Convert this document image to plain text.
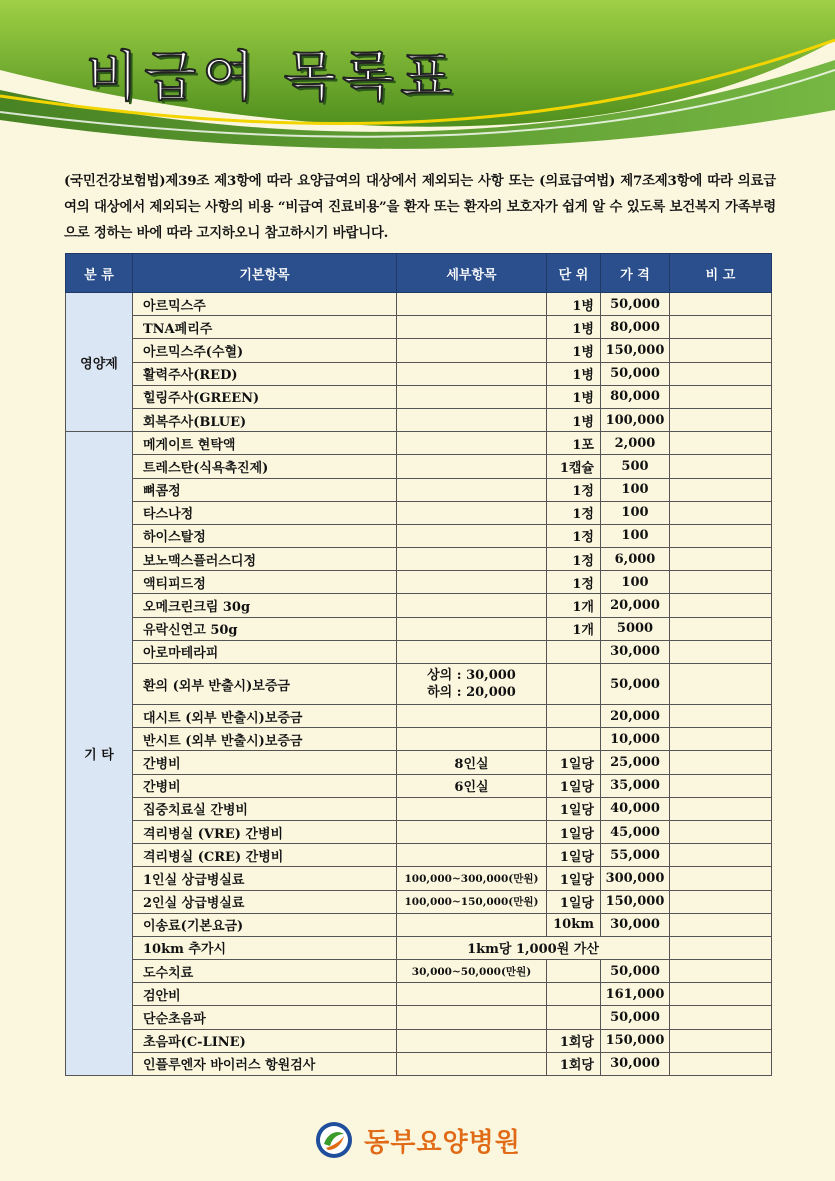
비급여 목록표
(국민건강보험법)제39조 제3항에 따라 요양급여의 대상에서 제외되는 사항 또는 (의료급여법) 제7조제3항에 따라 의료급여의 대상에서 제외되는 사항의 비용 “비급여 진료비용”을 환자 또는 환자의 보호자가 쉽게 알 수 있도록 보건복지 가족부령으로 정하는 바에 따라 고지하오니 참고하시기 바랍니다.
분 류	기본항목	세부항목	단 위	가 격	비 고
영양제	아르믹스주		1병	50,000	
	TNA페리주		1병	80,000	
	아르믹스주(수혈)		1병	150,000	
	활력주사(RED)		1병	50,000	
	힐링주사(GREEN)		1병	80,000	
	회복주사(BLUE)		1병	100,000	
기 타	메게이트 현탁액		1포	2,000	
	트레스탄(식욕촉진제)		1캡슐	500	
	뼈콤정		1정	100	
	타스나정		1정	100	
	하이스탈정		1정	100	
	보노맥스플러스디정		1정	6,000	
	액티피드정		1정	100	
	오메크린크림 30g		1개	20,000	
	유락신연고 50g		1개	5000	
	아로마테라피			30,000	
	환의 (외부 반출시)보증금	상의 : 30,000
하의 : 20,000		50,000	
	대시트 (외부 반출시)보증금			20,000	
	반시트 (외부 반출시)보증금			10,000	
	간병비	8인실	1일당	25,000	
	간병비	6인실	1일당	35,000	
	집중치료실 간병비		1일당	40,000	
	격리병실 (VRE) 간병비		1일당	45,000	
	격리병실 (CRE) 간병비		1일당	55,000	
	1인실 상급병실료	100,000~300,000(만원)	1일당	300,000	
	2인실 상급병실료	100,000~150,000(만원)	1일당	150,000	
	이송료(기본요금)		10km	30,000	
	10km 추가시	1km당 1,000원 가산			
	도수치료	30,000~50,000(만원)		50,000	
	검안비			161,000	
	단순초음파			50,000	
	초음파(C-LINE)		1회당	150,000	
	인플루엔자 바이러스 항원검사		1회당	30,000	
동부요양병원
